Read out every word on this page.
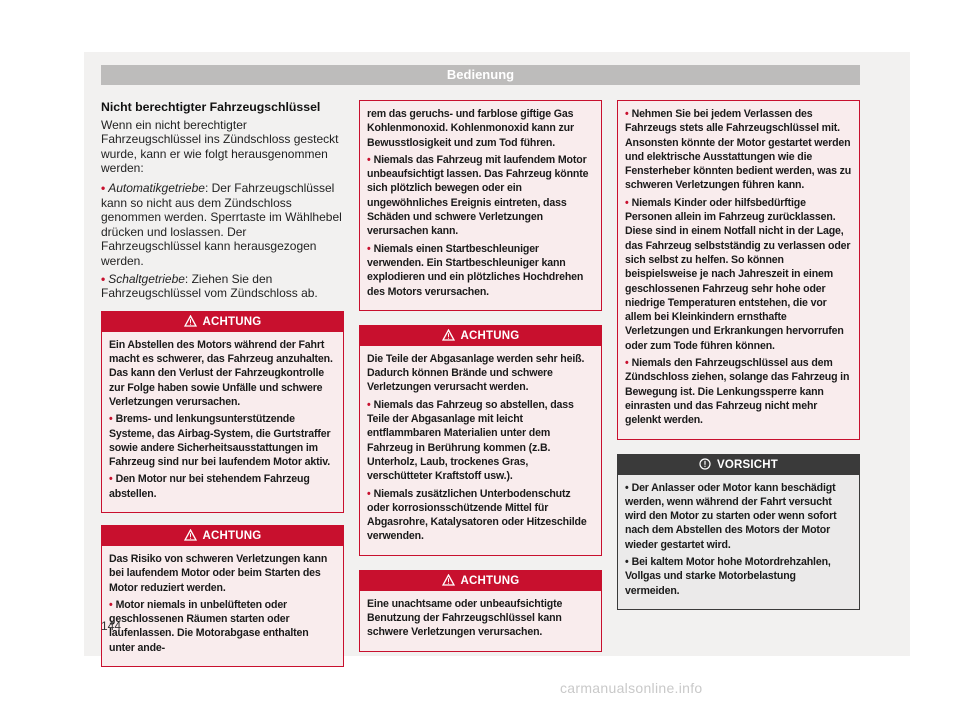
Bedienung
Nicht berechtigter Fahrzeugschlüssel

Wenn ein nicht berechtigter Fahrzeugschlüssel ins Zündschloss gesteckt wurde, kann er wie folgt herausgenommen werden:

• Automatikgetriebe: Der Fahrzeugschlüssel kann so nicht aus dem Zündschloss genommen werden. Sperrtaste im Wählhebel drücken und loslassen. Der Fahrzeugschlüssel kann herausgezogen werden.
• Schaltgetriebe: Ziehen Sie den Fahrzeugschlüssel vom Zündschloss ab.
ACHTUNG

Ein Abstellen des Motors während der Fahrt macht es schwerer, das Fahrzeug anzuhalten. Das kann den Verlust der Fahrzeugkontrolle zur Folge haben sowie Unfälle und schwere Verletzungen verursachen.

• Brems- und lenkungsunterstützende Systeme, das Airbag-System, die Gurtstraffer sowie andere Sicherheitsausstattungen im Fahrzeug sind nur bei laufendem Motor aktiv.
• Den Motor nur bei stehendem Fahrzeug abstellen.
ACHTUNG

Das Risiko von schweren Verletzungen kann bei laufendem Motor oder beim Starten des Motor reduziert werden.

• Motor niemals in unbelüfteten oder geschlossenen Räumen starten oder laufenlassen. Die Motorabgase enthalten unter ande-

rem das geruchs- und farblose giftige Gas Kohlenmonoxid. Kohlenmonoxid kann zur Bewusstlosigkeit und zum Tod führen.

• Niemals das Fahrzeug mit laufendem Motor unbeaufsichtigt lassen. Das Fahrzeug könnte sich plötzlich bewegen oder ein ungewöhnliches Ereignis eintreten, dass Schäden und schwere Verletzungen verursachen kann.
• Niemals einen Startbeschleuniger verwenden. Ein Startbeschleuniger kann explodieren und ein plötzliches Hochdrehen des Motors verursachen.
ACHTUNG

Die Teile der Abgasanlage werden sehr heiß. Dadurch können Brände und schwere Verletzungen verursacht werden.

• Niemals das Fahrzeug so abstellen, dass Teile der Abgasanlage mit leicht entflammbaren Materialien unter dem Fahrzeug in Berührung kommen (z.B. Unterholz, Laub, trockenes Gras, verschütteter Kraftstoff usw.).
• Niemals zusätzlichen Unterbodenschutz oder korrosionsschützende Mittel für Abgasrohre, Katalysatoren oder Hitzeschilde verwenden.
ACHTUNG

Eine unachtsame oder unbeaufsichtigte Benutzung der Fahrzeugschlüssel kann schwere Verletzungen verursachen.

• Nehmen Sie bei jedem Verlassen des Fahrzeugs stets alle Fahrzeugschlüssel mit. Ansonsten könnte der Motor gestartet werden und elektrische Ausstattungen wie die Fensterheber könnten bedient werden, was zu schweren Verletzungen führen kann.
• Niemals Kinder oder hilfsbedürftige Personen allein im Fahrzeug zurücklassen. Diese sind in einem Notfall nicht in der Lage, das Fahrzeug selbstständig zu verlassen oder sich selbst zu helfen. So können beispielsweise je nach Jahreszeit in einem geschlossenen Fahrzeug sehr hohe oder niedrige Temperaturen entstehen, die vor allem bei Kleinkindern ernsthafte Verletzungen und Erkrankungen hervorrufen oder zum Tode führen können.
• Niemals den Fahrzeugschlüssel aus dem Zündschloss ziehen, solange das Fahrzeug in Bewegung ist. Die Lenkungssperre kann einrasten und das Fahrzeug nicht mehr gelenkt werden.
VORSICHT
• Der Anlasser oder Motor kann beschädigt werden, wenn während der Fahrt versucht wird den Motor zu starten oder wenn sofort nach dem Abstellen des Motors der Motor wieder gestartet wird.
• Bei kaltem Motor hohe Motordrehzahlen, Vollgas und starke Motorbelastung vermeiden.
144
carmanualsonline.info
